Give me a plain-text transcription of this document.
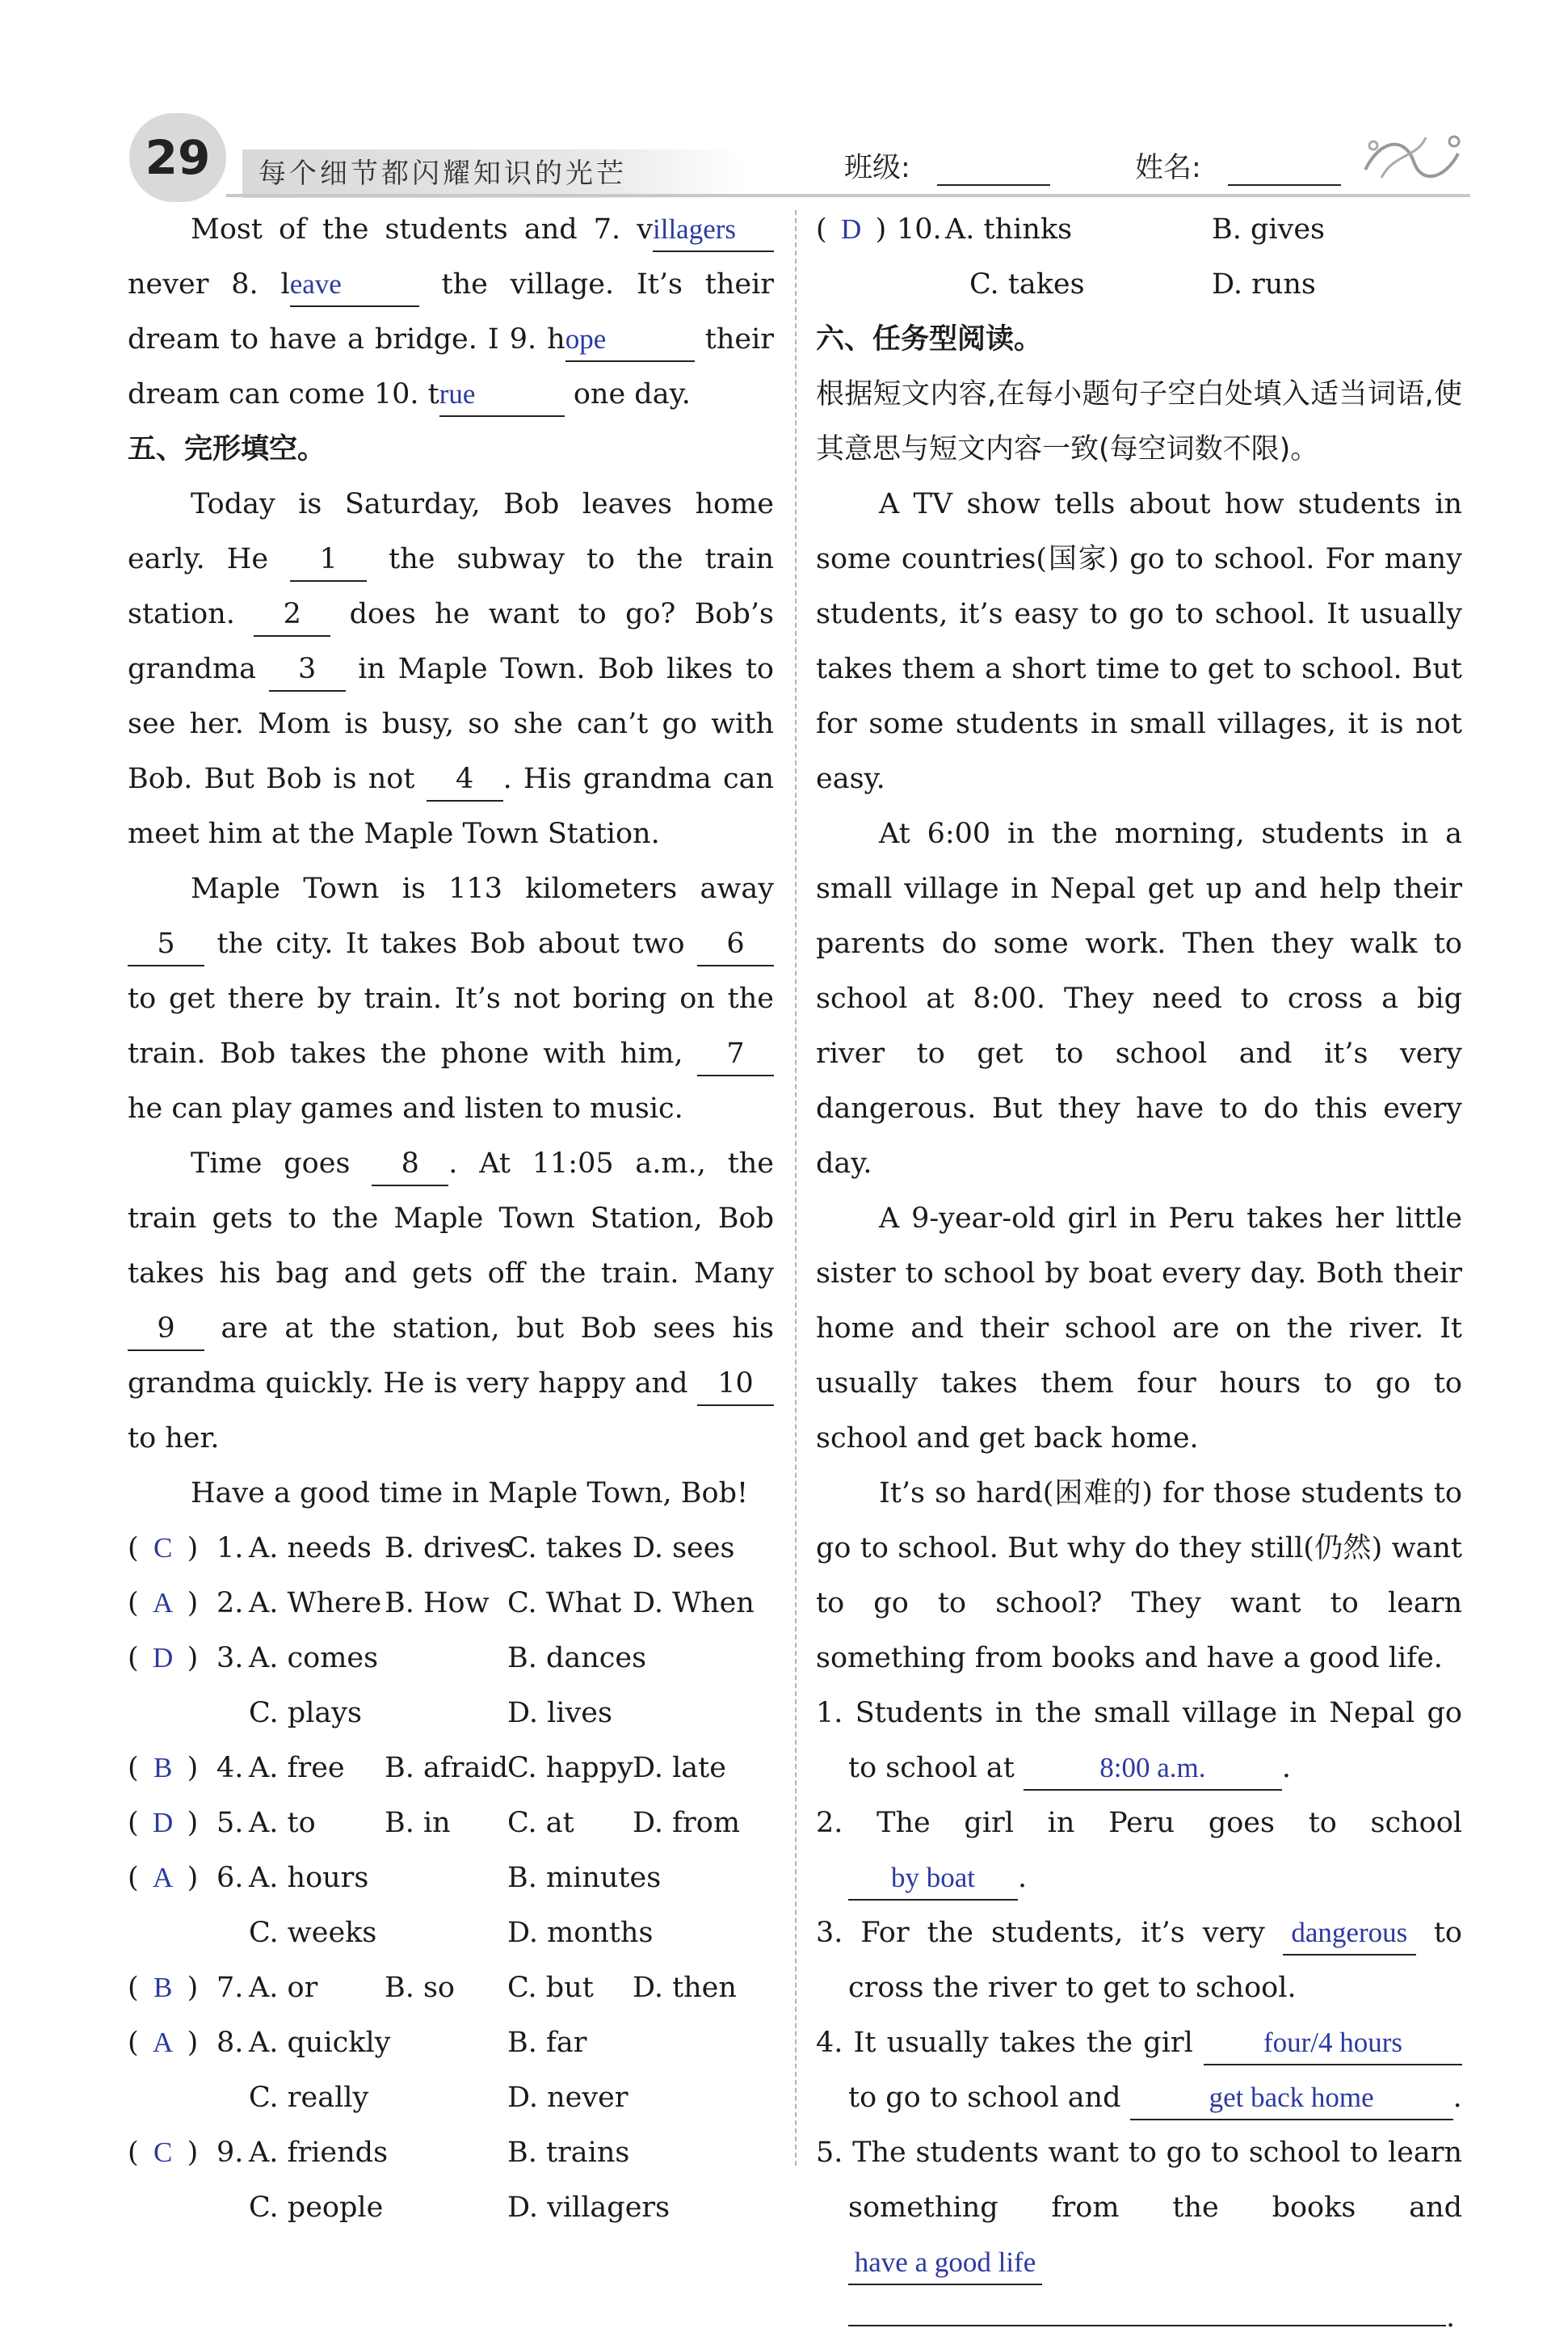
每个细节都闪耀知识的光芒
29	班级:	姓名:

Most of the students and 7. villagers never 8. leave	the village. It’s their dream to have a bridge. I 9. hope	their dream can come 10. true	one day.

五、完形填空。

Today is Saturday, Bob leaves home early. He 1 the subway to the train station. 2 does he want to go? Bob’s grandma 3 in Maple Town. Bob likes to see her. Mom is busy, so she can’t go with Bob. But Bob is not 4 . His grandma can meet him at the Maple Town Station.

Maple Town is 113 kilometers away 5 the city. It takes Bob about two 6 to get there by train. It’s not boring on the train. Bob takes the phone with him, 7 he can play games and listen to music.

Time goes 8 . At 11:05 a.m., the train gets to the Maple Town Station, Bob takes his bag and gets off the train. Many 9 are at the station, but Bob sees his grandma quickly. He is very happy and 10 to her.

Have a good time in Maple Town, Bob!

( C ) 1. A. needs B. drives
C. takes D. sees
( A ) 2. A. Where B. How C. What D. When
( D ) 3. A. comes	B. dances
C. plays	D. lives
( B ) 4. A. free	B. afraid C. happy D. late
( D ) 5. A. to	B. in	C. at	D. from
( A ) 6. A. hours	B. minutes
C. weeks	D. months
( B ) 7. A. or	B. so	C. but	D. then
( A ) 8. A. quickly	B. far
C. really	D. never
( C ) 9. A. friends	B. trains
C. people	D. villagers
( D ) 10. A. thinks	B. gives
C. takes	D. runs

六、任务型阅读。

根据短文内容,在每小题句子空白处填入适当词语,使其意思与短文内容一致(每空词数不限)。

A TV show tells about how students in some countries(国家) go to school. For many students, it’s easy to go to school. It usually takes them a short time to get to school. But for some students in small villages, it is not easy.

At 6:00 in the morning, students in a small village in Nepal get up and help their parents do some work. Then they walk to school at 8:00. They need to cross a big river to get to school and it’s very dangerous. But they have to do this every day.

A 9-year-old girl in Peru takes her little sister to school by boat every day. Both their home and their school are on the river. It usually takes them four hours to go to school and get back home.

It’s so hard(困难的) for those students to go to school. But why do they still(仍然) want to go to school? They want to learn something from books and have a good life.

1. Students in the small village in Nepal go to school at	8:00 a.m.	.

2. The girl in Peru goes to school by boat .

3. For the students, it’s very dangerous to cross the river to get to school.

4. It usually takes the girl four/4 hours to go to school and	get back home	.

5. The students want to go to school to learn something from the books and have a good life
.
